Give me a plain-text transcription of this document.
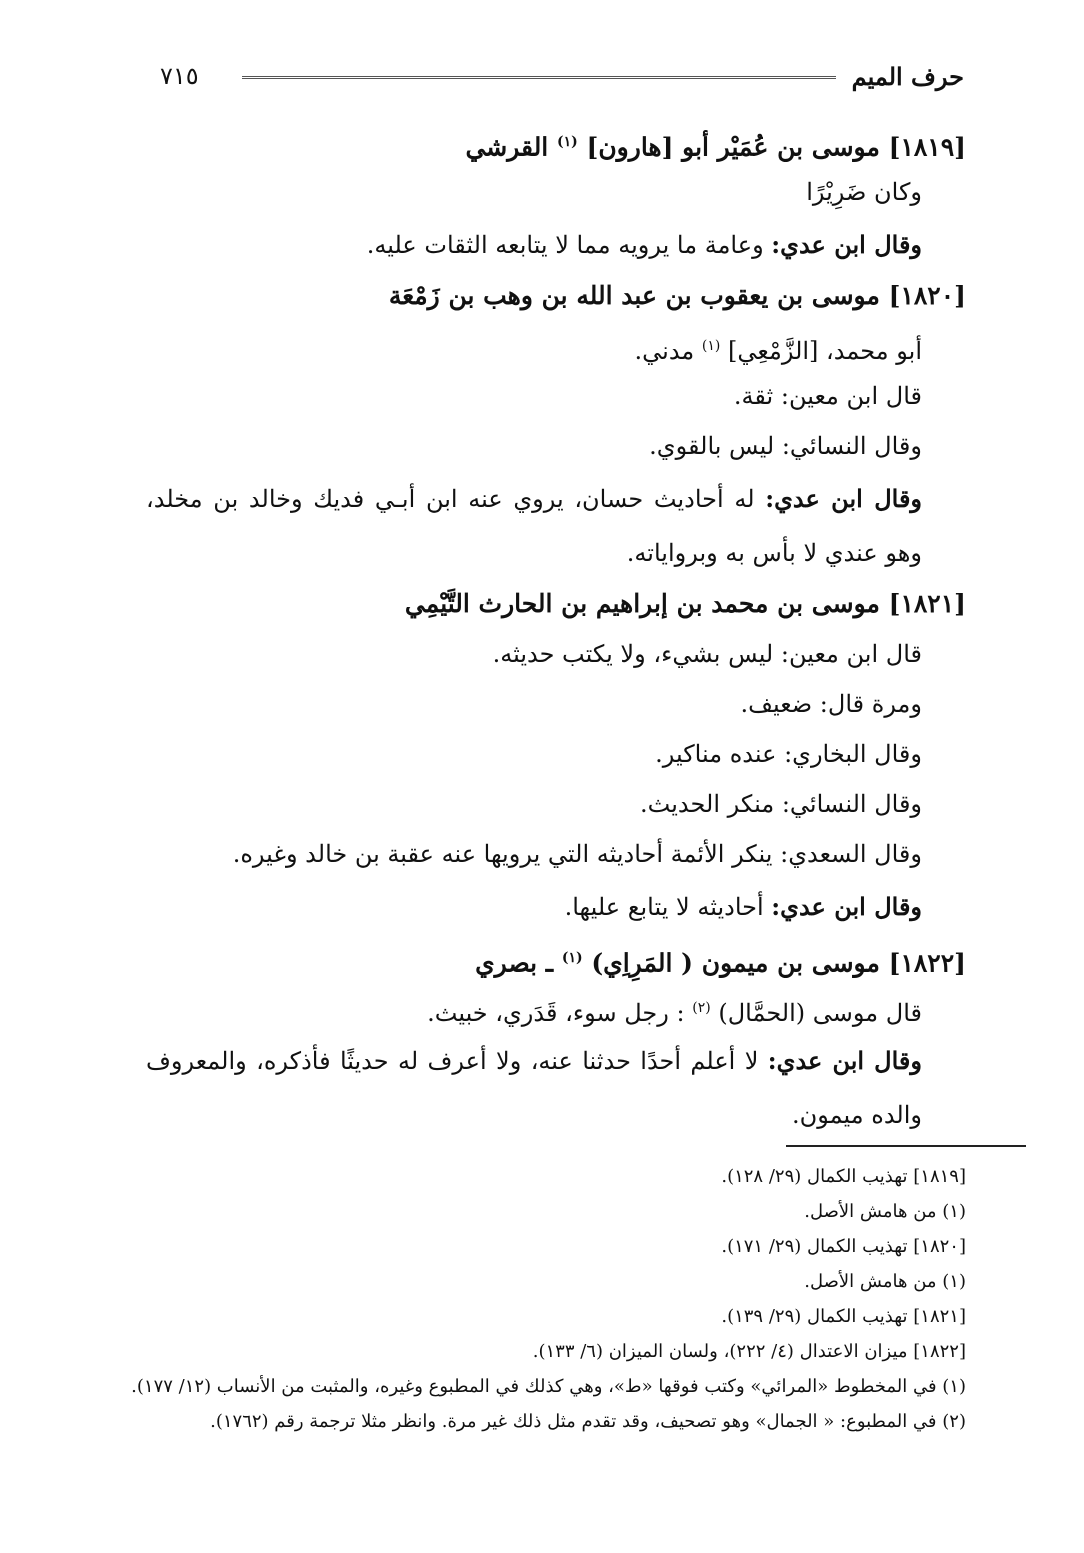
حرف الميم
٧١٥
[١٨١٩] موسى بن عُمَيْر أبو [هارون] $^{(١)}$ القرشي
وكان ضَرِيْرًا
وقال ابن عدي: وعامة ما يرويه مما لا يتابعه الثقات عليه.
[١٨٢٠] موسى بن يعقوب بن عبد الله بن وهب بن زَمْعَة
أبو محمد، [الزَّمْعِي] $^{(١)}$ مدني.
قال ابن معين: ثقة.
وقال النسائي: ليس بالقوي.
وقال ابن عدي: له أحاديث حسان، يروي عنه ابن أبـي فديك وخالد بن مخلد، وهو عندي لا بأس به وبرواياته.
[١٨٢١] موسى بن محمد بن إبراهيم بن الحارث التَّيْمِي
قال ابن معين: ليس بشيء، ولا يكتب حديثه.
ومرة قال: ضعيف.
وقال البخاري: عنده مناكير.
وقال النسائي: منكر الحديث.
وقال السعدي: ينكر الأئمة أحاديثه التي يرويها عنه عقبة بن خالد وغيره.
وقال ابن عدي: أحاديثه لا يتابع عليها.
[١٨٢٢] موسى بن ميمون ( المَرِاِي) $^{(١)}$ ـ بصري
قال موسى (الحمَّال) $^{(٢)}$ : رجل سوء، قَدَري، خبيث.
وقال ابن عدي: لا أعلم أحدًا حدثنا عنه، ولا أعرف له حديثًا فأذكره، والمعروف والده ميمون.
[١٨١٩] تهذيب الكمال (٢٩/ ١٢٨).
(١) من هامش الأصل.
[١٨٢٠] تهذيب الكمال (٢٩/ ١٧١).
(١) من هامش الأصل.
[١٨٢١] تهذيب الكمال (٢٩/ ١٣٩).
[١٨٢٢] ميزان الاعتدال (٤/ ٢٢٢)، ولسان الميزان (٦/ ١٣٣).
(١) في المخطوط «المرائي» وكتب فوقها «ط»، وهي كذلك في المطبوع وغيره، والمثبت من الأنساب (١٢/ ١٧٧).
(٢) في المطبوع: « الجمال» وهو تصحيف، وقد تقدم مثل ذلك غير مرة. وانظر مثلا ترجمة رقم (١٧٦٢).
